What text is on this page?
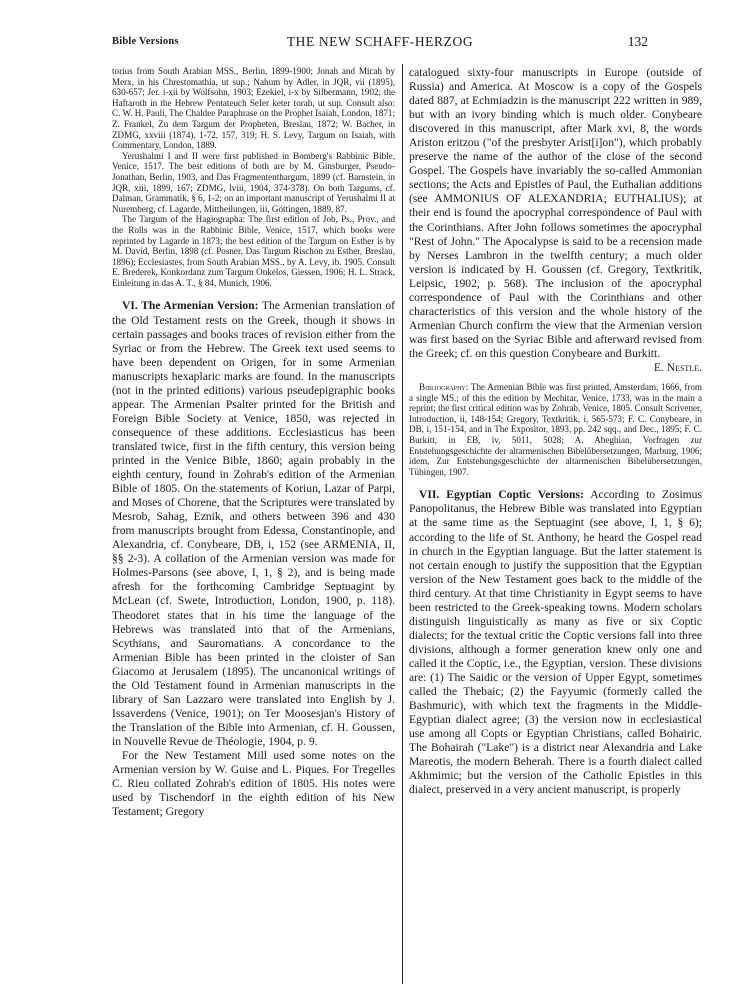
Bible Versions	THE NEW SCHAFF-HERZOG	132

torius from South Arabian MSS., Berlin, 1899-1900; Jonah and Micah by Merx, in his Chrestomathia, ut sup.; Nahum by Adler, in JQR, vii (1895), 630-657; Jer. i-xii by Wolfsohn, 1903; Ezekiel, i-x by Silbermann, 1902; the Haftaroth in the Hebrew Pentateuch Sefer keter torah, ut sup. Consult also: C. W. H. Pauli, The Chaldee Paraphrase on the Prophet Isaiah, London, 1871; Z. Frankel, Zu dem Targum der Propheten, Breslau, 1872; W. Bacher, in ZDMG, xxviii (1874), 1-72, 157, 319; H. S. Levy, Targum on Isaiah, with Commentary, London, 1889.

Yerushalmi I and II were first published in Bomberg's Rabbinic Bible, Venice, 1517. The best editions of both are by M. Ginsburger, Pseudo-Jonathan, Berlin, 1903, and Das Fragmententhargum, 1899 (cf. Barnstein, in JQR, xiii, 1899, 167; ZDMG, lviii, 1904, 374-378). On both Targums, cf. Dalman, Grammatik, § 6, 1-2; on an important manuscript of Yerushalmi II at Nuremberg, cf. Lagarde, Mittheilungen, iii, Göttingen, 1889, 87.

The Targum of the Hagiographa: The first edition of Job, Ps., Prov., and the Rolls was in the Rabbinic Bible, Venice, 1517, which books were reprinted by Lagarde in 1873; the best edition of the Targum on Esther is by M. David, Berlin, 1898 (cf. Posner, Das Targum Rischon zu Esther, Breslau, 1896); Ecclesiastes, from South Arabian MSS., by A. Levy, ib. 1905. Consult E. Brederek, Konkordanz zum Targum Onkelos, Giessen, 1906; H. L. Strack, Einleitung in das A. T., § 84, Munich, 1906.

VI. The Armenian Version: The Armenian translation of the Old Testament rests on the Greek, though it shows in certain passages and books traces of revision either from the Syriac or from the Hebrew. The Greek text used seems to have been dependent on Origen, for in some Armenian manuscripts hexaplaric marks are found. In the manuscripts (not in the printed editions) various pseudepigraphic books appear. The Armenian Psalter printed for the British and Foreign Bible Society at Venice, 1850, was rejected in consequence of these additions. Ecclesiasticus has been translated twice, first in the fifth century, this version being printed in the Venice Bible, 1860; again probably in the eighth century, found in Zohrab's edition of the Armenian Bible of 1805. On the statements of Koriun, Lazar of Parpi, and Moses of Chorene, that the Scriptures were translated by Mesrob, Sahag, Eznik, and others between 396 and 430 from manuscripts brought from Edessa, Constantinople, and Alexandria, cf. Conybeare, DB, i, 152 (see ARMENIA, II, §§ 2-3). A collation of the Armenian version was made for Holmes-Parsons (see above, I, 1, § 2), and is being made afresh for the forthcoming Cambridge Septuagint by McLean (cf. Swete, Introduction, London, 1900, p. 118). Theodoret states that in his time the language of the Hebrews was translated into that of the Armenians, Scythians, and Sauromatians. A concordance to the Armenian Bible has been printed in the cloister of San Giacomo at Jerusalem (1895). The uncanonical writings of the Old Testament found in Armenian manuscripts in the library of San Lazzaro were translated into English by J. Issaverdens (Venice, 1901); on Ter Moosesjan's History of the Translation of the Bible into Armenian, cf. H. Goussen, in Nouvelle Revue de Théologie, 1904, p. 9.

For the New Testament Mill used some notes on the Armenian version by W. Guise and L. Piques. For Tregelles C. Rieu collated Zohrab's edition of 1805. His notes were used by Tischendorf in the eighth edition of his New Testament; Gregory

catalogued sixty-four manuscripts in Europe (outside of Russia) and America. At Moscow is a copy of the Gospels dated 887, at Echmiadzin is the manuscript 222 written in 989, but with an ivory binding which is much older. Conybeare discovered in this manuscript, after Mark xvi, 8, the words Ariston eritzou ("of the presbyter Arist[i]on"), which probably preserve the name of the author of the close of the second Gospel. The Gospels have invariably the so-called Ammonian sections; the Acts and Epistles of Paul, the Euthalian additions (see AMMONIUS OF ALEXANDRIA; EUTHALIUS); at their end is found the apocryphal correspondence of Paul with the Corinthians. After John follows sometimes the apocryphal "Rest of John." The Apocalypse is said to be a recension made by Nerses Lambron in the twelfth century; a much older version is indicated by H. Goussen (cf. Gregory, Textkritik, Leipsic, 1902, p. 568). The inclusion of the apocryphal correspondence of Paul with the Corinthians and other characteristics of this version and the whole history of the Armenian Church confirm the view that the Armenian version was first based on the Syriac Bible and afterward revised from the Greek; cf. on this question Conybeare and Burkitt.

E. Nestle.

Bibliography: The Armenian Bible was first printed, Amsterdam, 1666, from a single MS.; of this the edition by Mechitar, Venice, 1733, was in the main a reprint; the first critical edition was by Zohrab, Venice, 1805. Consult Scrivener, Introduction, ii, 148-154; Gregory, Textkritik, i, 565-573; F. C. Conybeare, in DB, i, 151-154, and in The Expositor, 1893, pp. 242 sqq., and Dec., 1895; F. C. Burkitt, in EB, iv, 5011, 5028; A. Abeghian, Vorfragen zur Entstehungsgeschichte der altarmenischen Bibelübersetzungen, Marburg, 1906; idem, Zur Entstehungsgeschichte der altarmenischen Bibelübersetzungen, Tübingen, 1907.

VII. Egyptian Coptic Versions: According to Zosimus Panopolitanus, the Hebrew Bible was translated into Egyptian at the same time as the Septuagint (see above, I, 1, § 6); according to the life of St. Anthony, he heard the Gospel read in church in the Egyptian language. But the latter statement is not certain enough to justify the supposition that the Egyptian version of the New Testament goes back to the middle of the third century. At that time Christianity in Egypt seems to have been restricted to the Greek-speaking towns. Modern scholars distinguish linguistically as many as five or six Coptic dialects; for the textual critic the Coptic versions fall into three divisions, although a former generation knew only one and called it the Coptic, i.e., the Egyptian, version. These divisions are: (1) The Saidic or the version of Upper Egypt, sometimes called the Thebaic; (2) the Fayyumic (formerly called the Bashmuric), with which text the fragments in the Middle-Egyptian dialect agree; (3) the version now in ecclesiastical use among all Copts or Egyptian Christians, called Bohairic. The Bohairah ("Lake") is a district near Alexandria and Lake Mareotis, the modern Beherah. There is a fourth dialect called Akhmimic; but the version of the Catholic Epistles in this dialect, preserved in a very ancient manuscript, is properly
